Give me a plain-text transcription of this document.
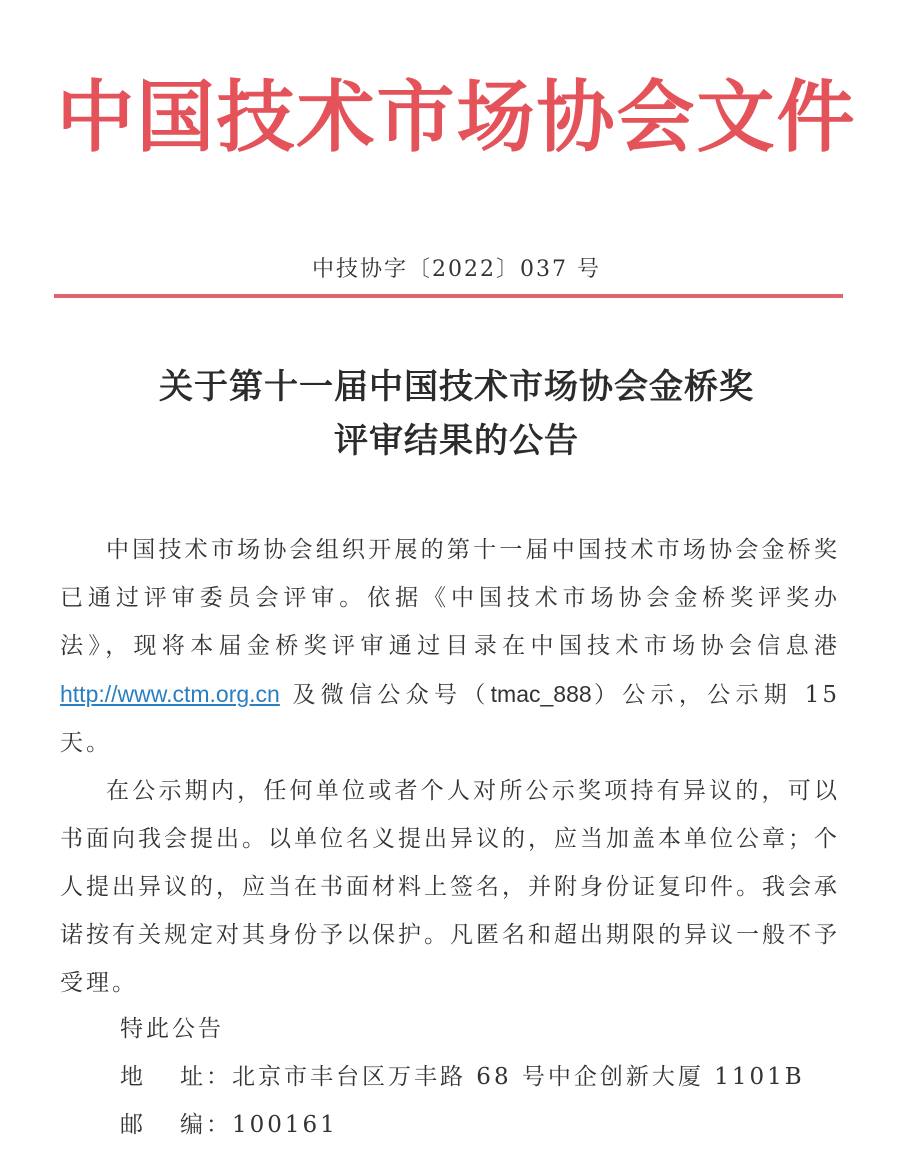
中国技术市场协会文件
中技协字〔2022〕037 号
关于第十一届中国技术市场协会金桥奖
评审结果的公告

中国技术市场协会组织开展的第十一届中国技术市场协会金桥奖已通过评审委员会评审。依据《中国技术市场协会金桥奖评奖办法》，现将本届金桥奖评审通过目录在中国技术市场协会信息港 http://www.ctm.org.cn 及微信公众号（tmac_888）公示，公示期 15 天。

在公示期内，任何单位或者个人对所公示奖项持有异议的，可以书面向我会提出。以单位名义提出异议的，应当加盖本单位公章；个人提出异议的，应当在书面材料上签名，并附身份证复印件。我会承诺按有关规定对其身份予以保护。凡匿名和超出期限的异议一般不予受理。

特此公告
地 址：北京市丰台区万丰路 68 号中企创新大厦 1101B
邮 编：100161
